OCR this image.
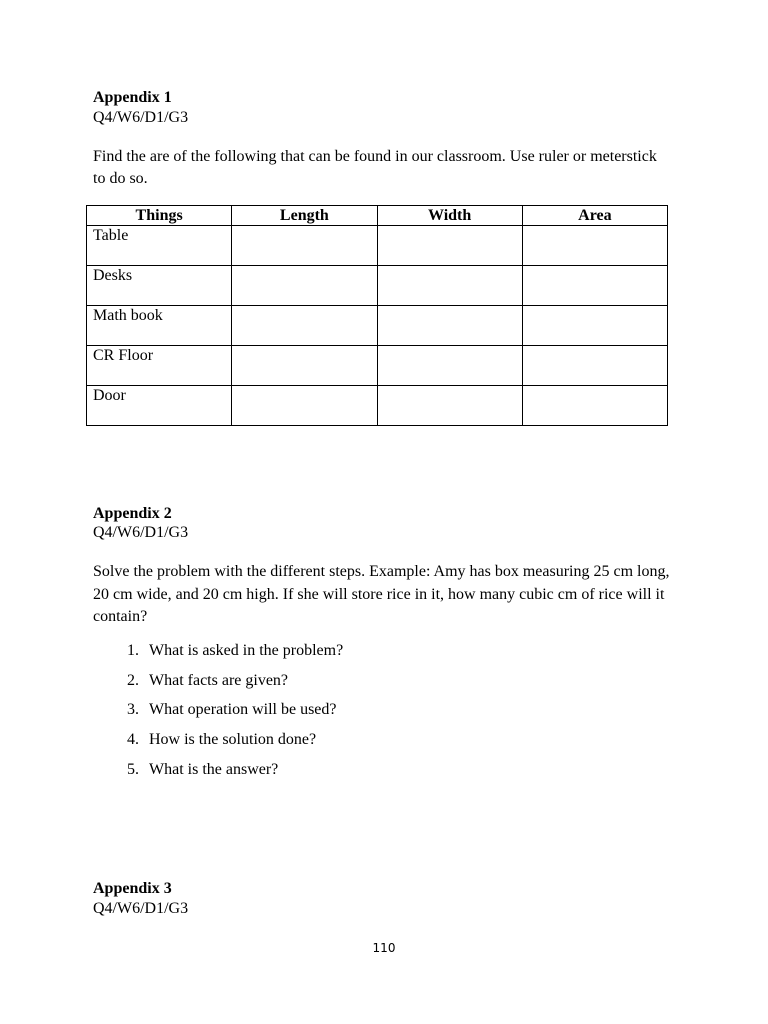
Appendix 1
Q4/W6/D1/G3
Find the are of the following that can be found in our classroom. Use ruler or meterstick to do so.
Things	Length	Width	Area
Table			
Desks			
Math book			
CR Floor			
Door			
Appendix 2
Q4/W6/D1/G3
Solve the problem with the different steps. Example: Amy has box measuring 25 cm long, 20 cm wide, and 20 cm high. If she will store rice in it, how many cubic cm of rice will it contain?
1. What is asked in the problem?
2. What facts are given?
3. What operation will be used?
4. How is the solution done?
5. What is the answer?
Appendix 3
Q4/W6/D1/G3
110
